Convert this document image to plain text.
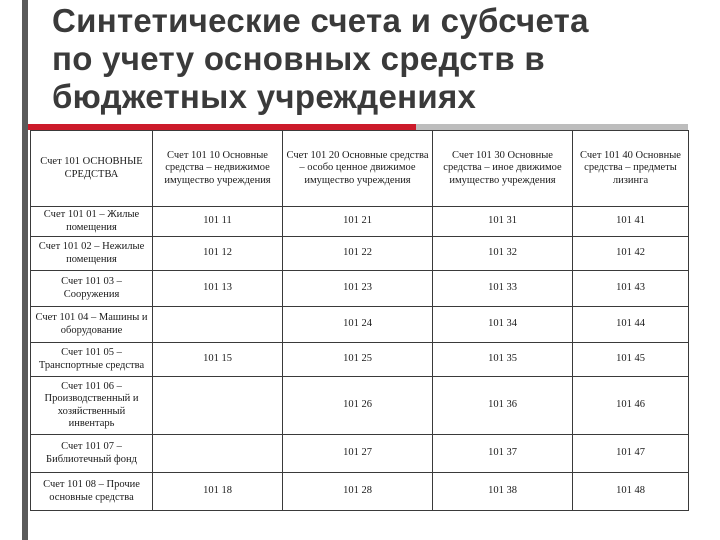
Синтетические счета и субсчета
по учету основных средств в
бюджетных учреждениях
Счет 101 ОСНОВНЫЕ СРЕДСТВА	Счет 101 10 Основные средства – недвижимое имущество учреждения	Счет 101 20 Основные средства – особо ценное движимое имущество учреждения	Счет 101 30 Основные средства – иное движимое имущество учреждения	Счет 101 40 Основные средства – предметы лизинга
Счет 101 01 – Жилые помещения	101 11	101 21	101 31	101 41
Счет 101 02 – Нежилые помещения	101 12	101 22	101 32	101 42
Счет 101 03 – Сооружения	101 13	101 23	101 33	101 43
Счет 101 04 – Машины и оборудование		101 24	101 34	101 44
Счет 101 05 – Транспортные средства	101 15	101 25	101 35	101 45
Счет 101 06 – Производственный и хозяйственный инвентарь		101 26	101 36	101 46
Счет 101 07 – Библиотечный фонд		101 27	101 37	101 47
Счет 101 08 – Прочие основные средства	101 18	101 28	101 38	101 48
